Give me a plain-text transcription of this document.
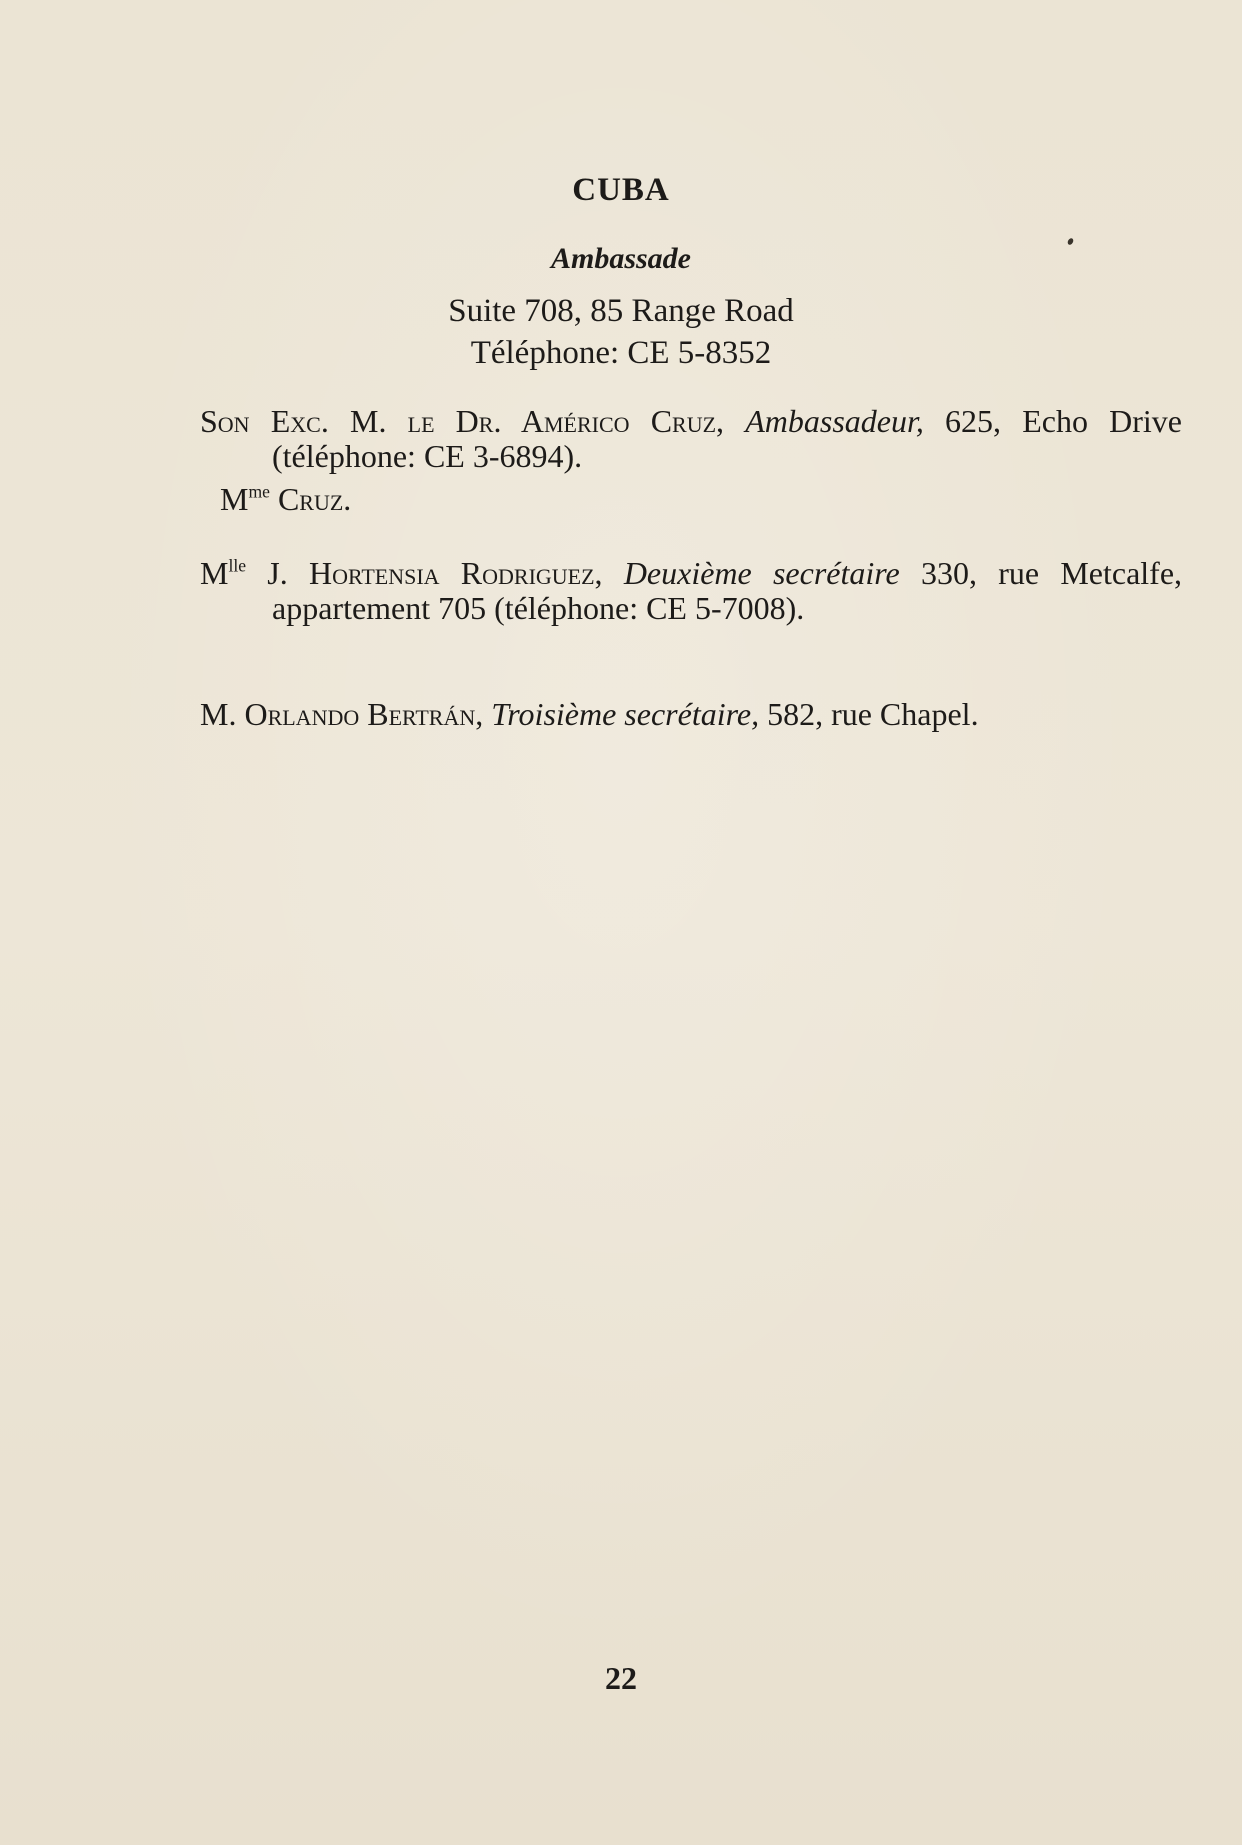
CUBA
Ambassade
Suite 708, 85 Range Road
Téléphone: CE 5-8352
Son Exc. M. le Dr. Américo Cruz, Ambassadeur, 625, Echo Drive (téléphone: CE 3-6894).
$M^{me}$ Cruz.
$M^{lle}$ J. Hortensia Rodriguez, Deuxième secrétaire 330, rue Metcalfe, appartement 705 (téléphone: CE 5-7008).
M. Orlando Bertrán, Troisième secrétaire, 582, rue Chapel.
22
